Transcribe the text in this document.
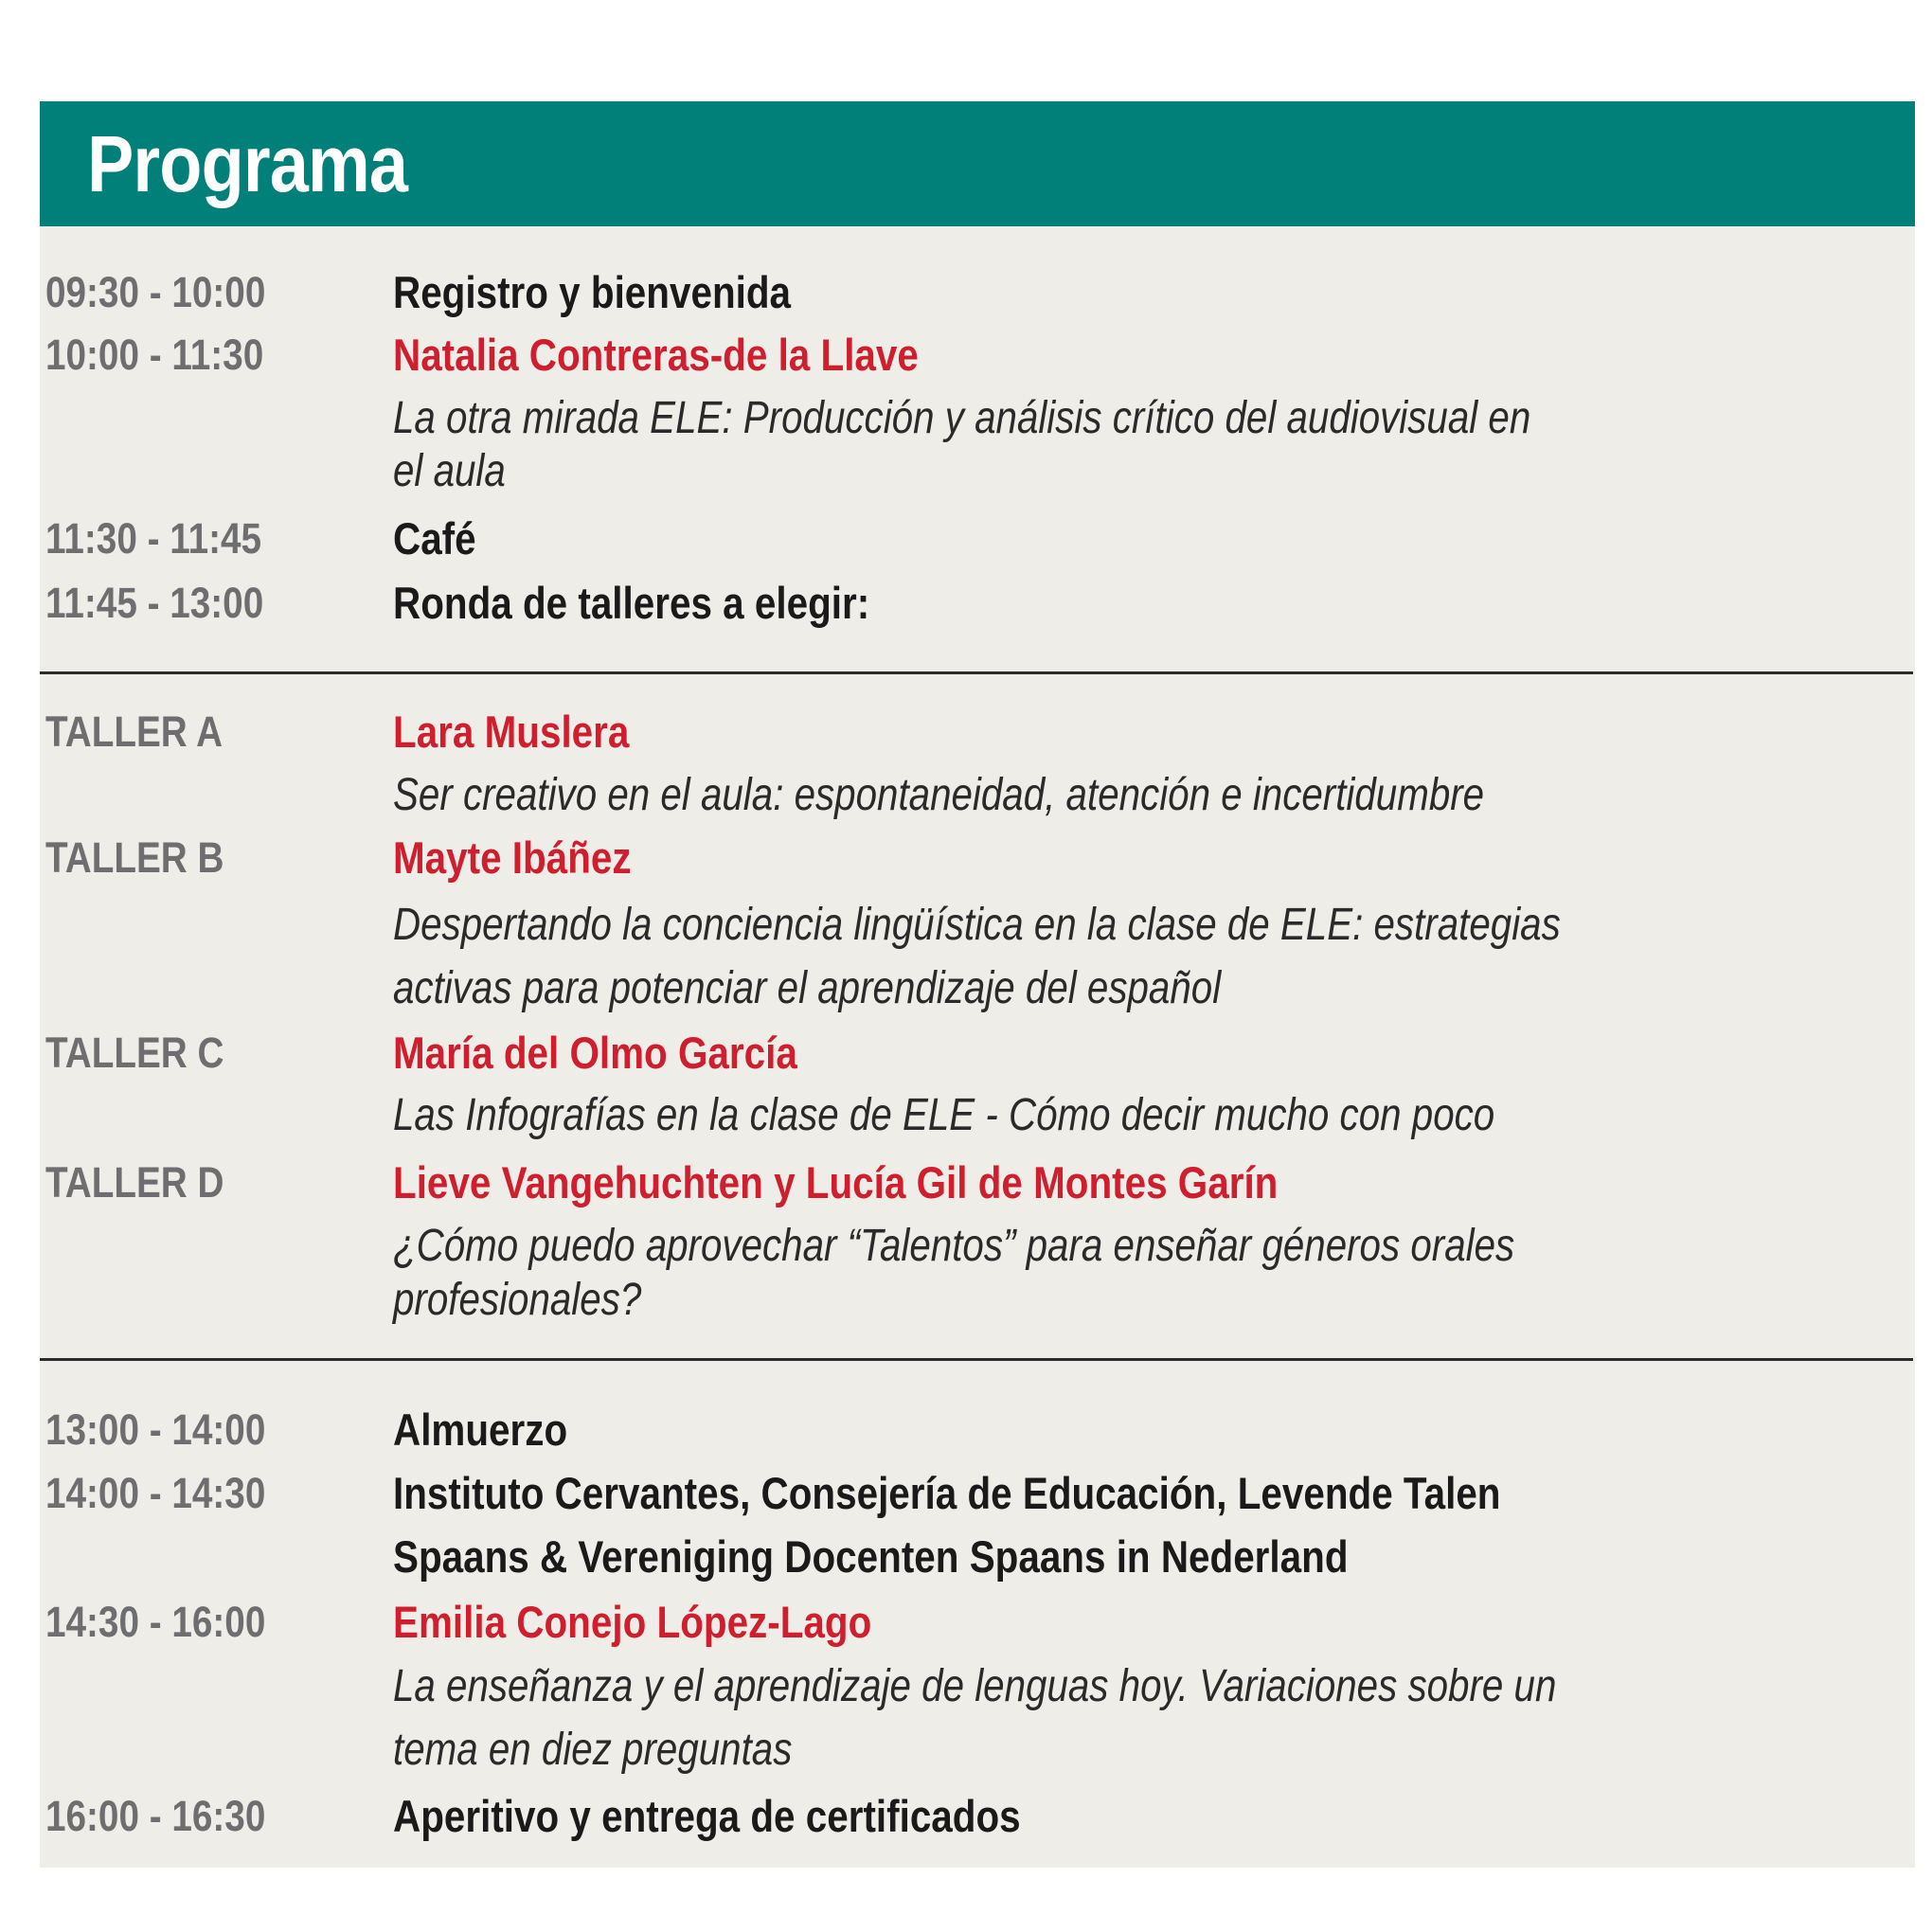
Programa
09:30 - 10:00	Registro y bienvenida
10:00 - 11:30	Natalia Contreras-de la Llave
La otra mirada ELE: Producción y análisis crítico del audiovisual en
el aula
11:30 - 11:45	Café
11:45 - 13:00	Ronda de talleres a elegir:
TALLER A	Lara Muslera
Ser creativo en el aula: espontaneidad, atención e incertidumbre
TALLER B	Mayte Ibáñez
Despertando la conciencia lingüística en la clase de ELE: estrategias
activas para potenciar el aprendizaje del español
TALLER C	María del Olmo García
Las Infografías en la clase de ELE - Cómo decir mucho con poco
TALLER D	Lieve Vangehuchten y Lucía Gil de Montes Garín
¿Cómo puedo aprovechar “Talentos” para enseñar géneros orales
profesionales?
13:00 - 14:00	Almuerzo
14:00 - 14:30	Instituto Cervantes, Consejería de Educación, Levende Talen
Spaans & Vereniging Docenten Spaans in Nederland
14:30 - 16:00	Emilia Conejo López-Lago
La enseñanza y el aprendizaje de lenguas hoy. Variaciones sobre un
tema en diez preguntas
16:00 - 16:30	Aperitivo y entrega de certificados
